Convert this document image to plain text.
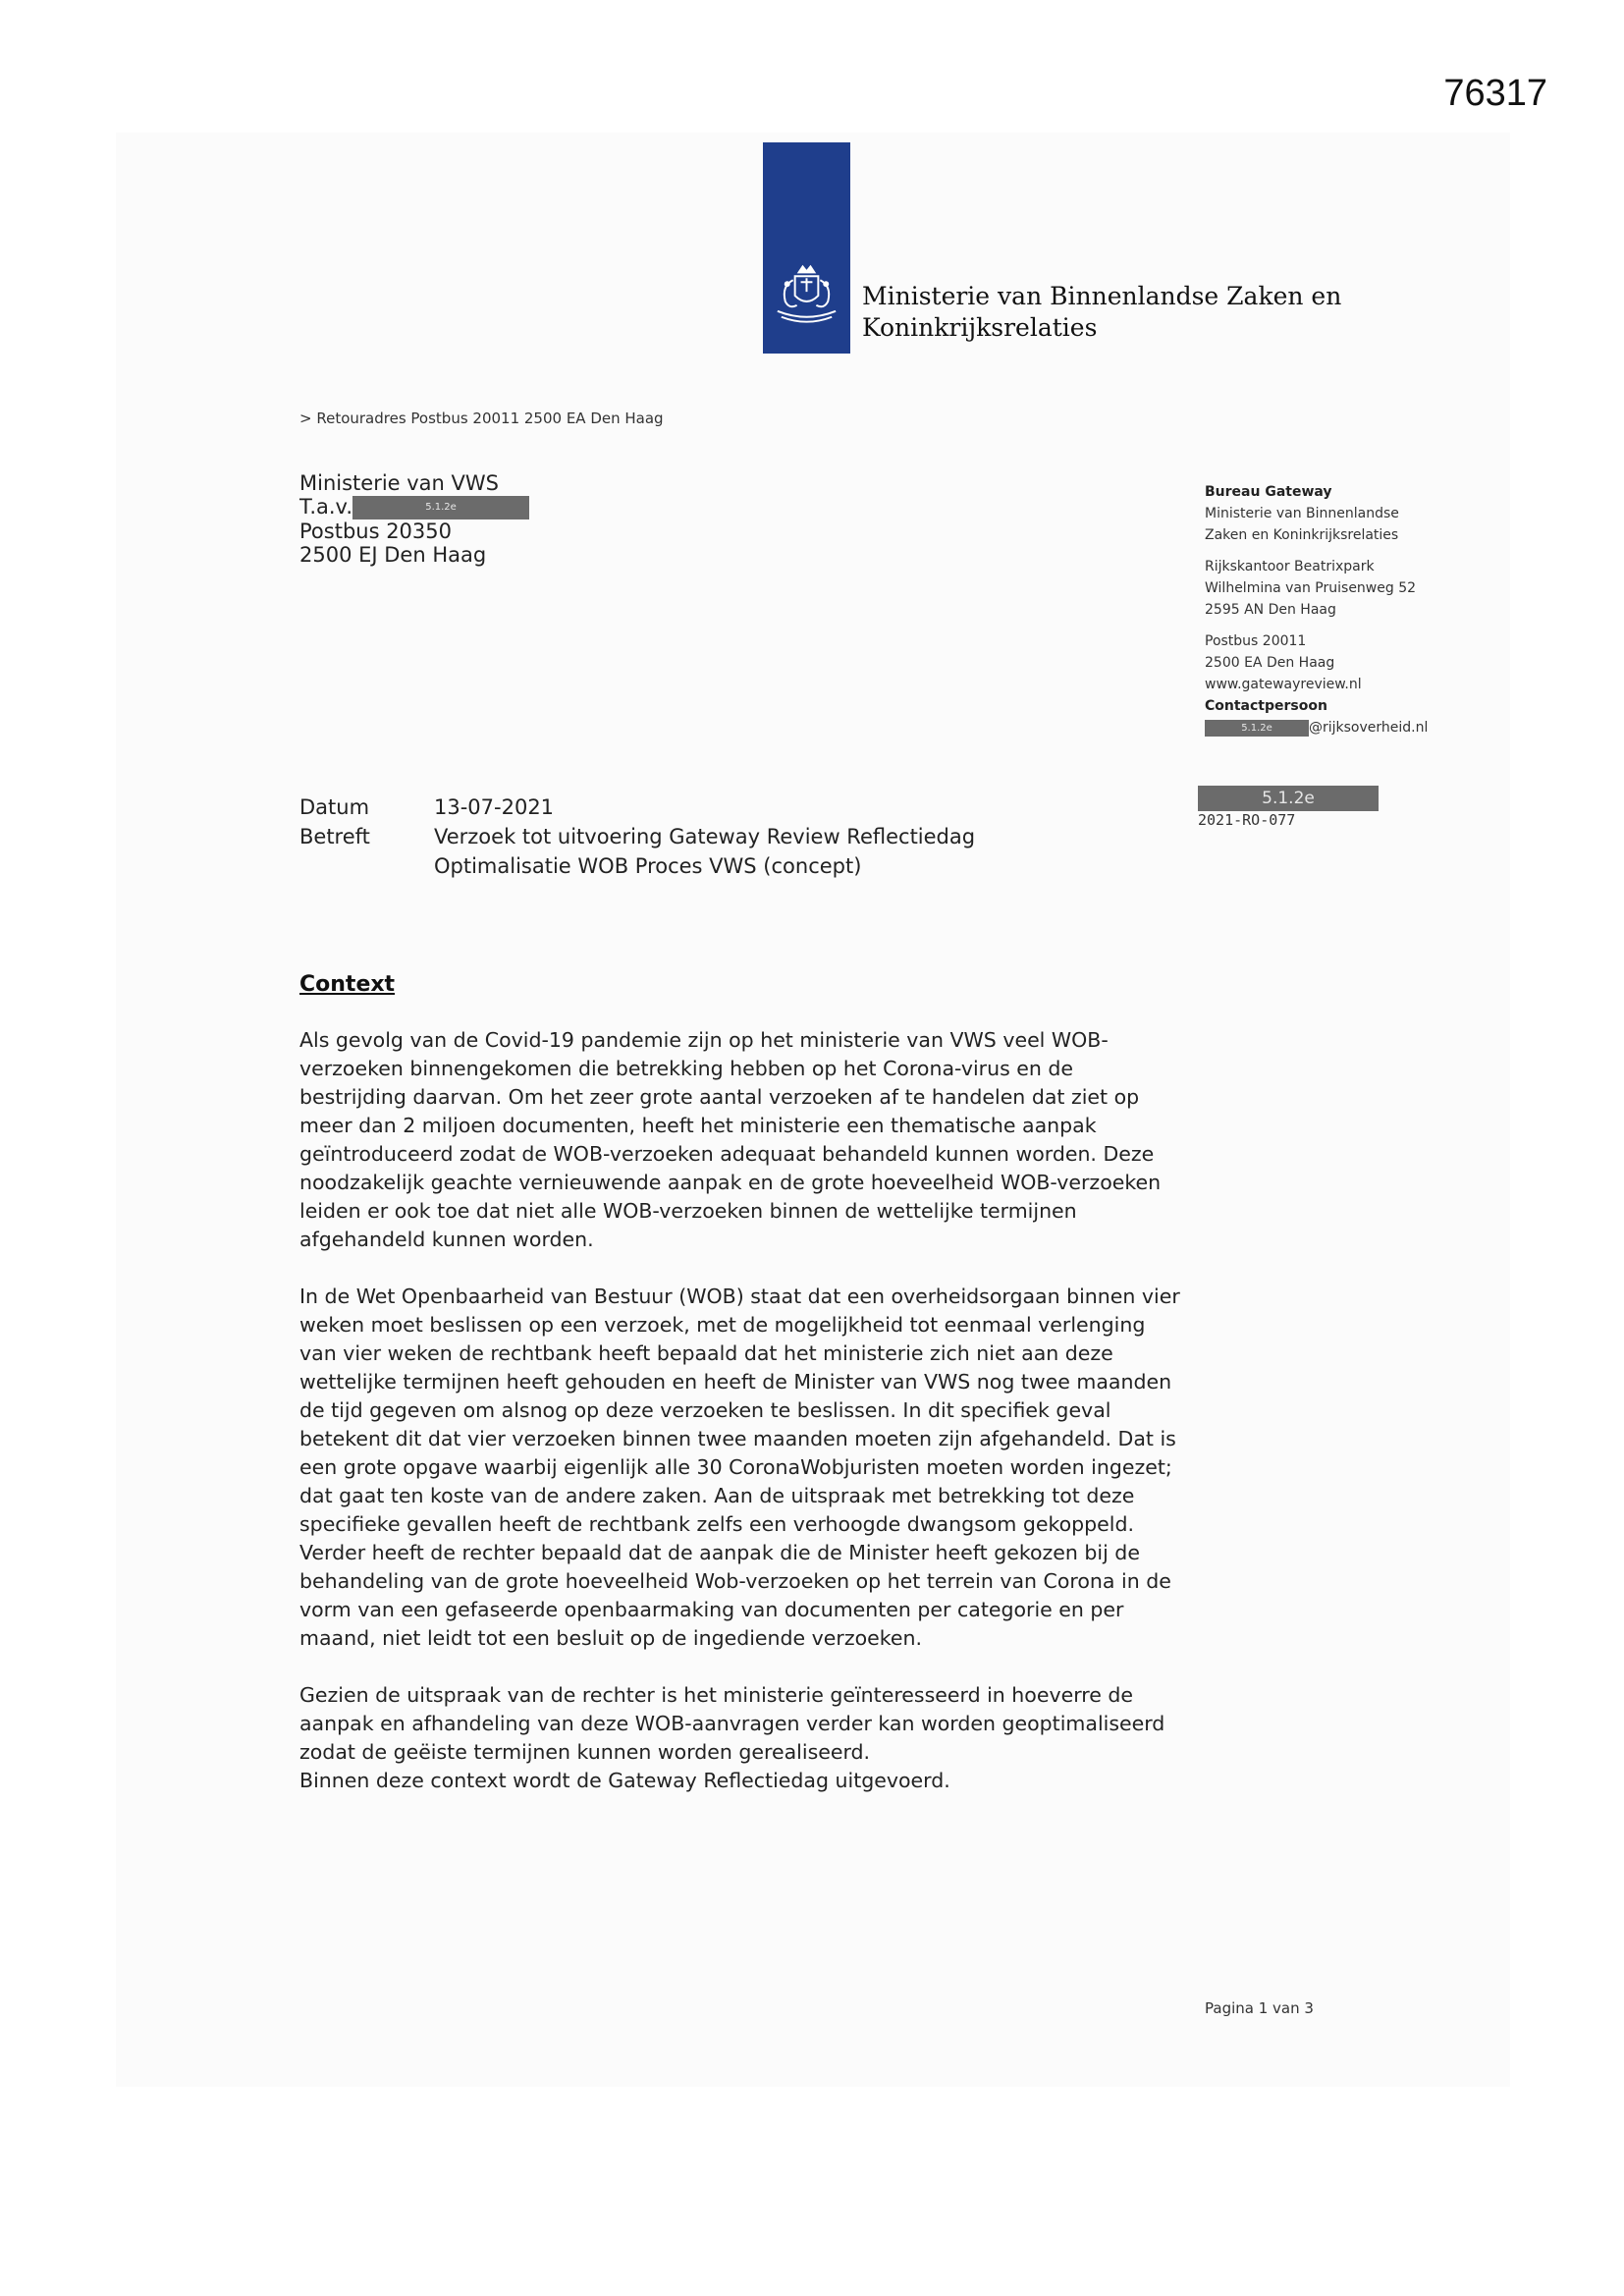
76317
Ministerie van Binnenlandse Zaken en
Koninkrijksrelaties
> Retouradres Postbus 20011 2500 EA Den Haag
Ministerie van VWS
T.a.v.	5.1.2e
Postbus 20350
2500 EJ Den Haag
Bureau Gateway
Ministerie van Binnenlandse
Zaken en Koninkrijksrelaties
Rijkskantoor Beatrixpark
Wilhelmina van Pruisenweg 52
2595 AN Den Haag
Postbus 20011
2500 EA Den Haag
www.gatewayreview.nl
Contactpersoon
5.1.2e	@rijksoverheid.nl
5.1.2e
2021-RO-077
Datum	13-07-2021
Betreft	Verzoek tot uitvoering Gateway Review Reflectiedag
Optimalisatie WOB Proces VWS (concept)
Context

Als gevolg van de Covid-19 pandemie zijn op het ministerie van VWS veel WOB-verzoeken binnengekomen die betrekking hebben op het Corona-virus en de bestrijding daarvan. Om het zeer grote aantal verzoeken af te handelen dat ziet op meer dan 2 miljoen documenten, heeft het ministerie een thematische aanpak geïntroduceerd zodat de WOB-verzoeken adequaat behandeld kunnen worden. Deze noodzakelijk geachte vernieuwende aanpak en de grote hoeveelheid WOB-verzoeken leiden er ook toe dat niet alle WOB-verzoeken binnen de wettelijke termijnen afgehandeld kunnen worden.

In de Wet Openbaarheid van Bestuur (WOB) staat dat een overheidsorgaan binnen vier weken moet beslissen op een verzoek, met de mogelijkheid tot eenmaal verlenging van vier weken de rechtbank heeft bepaald dat het ministerie zich niet aan deze wettelijke termijnen heeft gehouden en heeft de Minister van VWS nog twee maanden de tijd gegeven om alsnog op deze verzoeken te beslissen. In dit specifiek geval betekent dit dat vier verzoeken binnen twee maanden moeten zijn afgehandeld. Dat is een grote opgave waarbij eigenlijk alle 30 CoronaWobjuristen moeten worden ingezet; dat gaat ten koste van de andere zaken. Aan de uitspraak met betrekking tot deze specifieke gevallen heeft de rechtbank zelfs een verhoogde dwangsom gekoppeld. Verder heeft de rechter bepaald dat de aanpak die de Minister heeft gekozen bij de behandeling van de grote hoeveelheid Wob-verzoeken op het terrein van Corona in de vorm van een gefaseerde openbaarmaking van documenten per categorie en per maand, niet leidt tot een besluit op de ingediende verzoeken.

Gezien de uitspraak van de rechter is het ministerie geïnteresseerd in hoeverre de aanpak en afhandeling van deze WOB-aanvragen verder kan worden geoptimaliseerd zodat de geëiste termijnen kunnen worden gerealiseerd.
Binnen deze context wordt de Gateway Reflectiedag uitgevoerd.

Pagina 1 van 3
